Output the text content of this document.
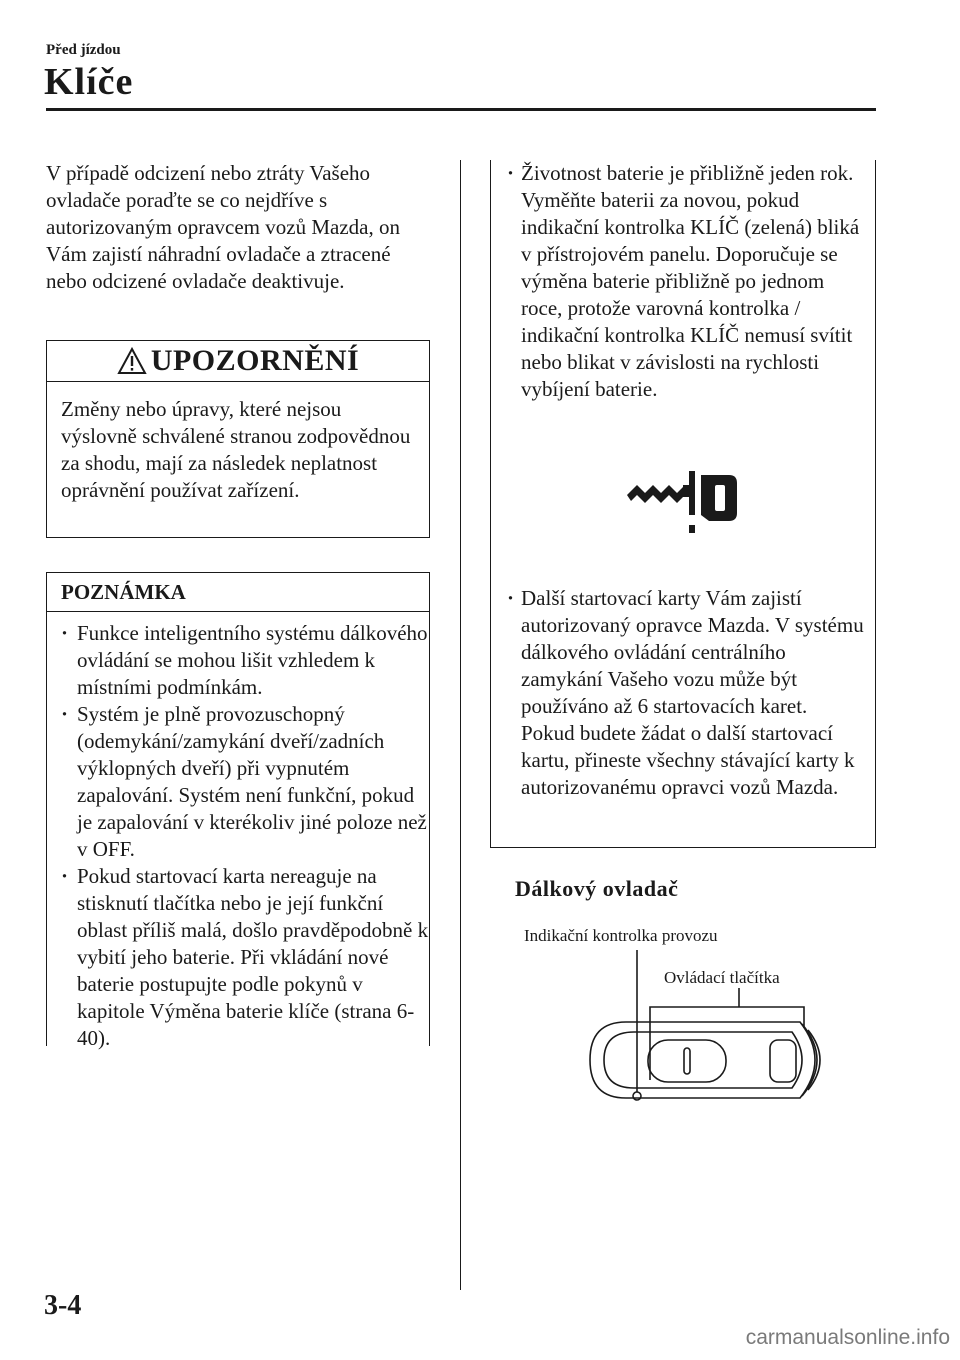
Před jízdou
Klíče

V případě odcizení nebo ztráty Vašeho ovladače poraďte se co nejdříve s autorizovaným opravcem vozů Mazda, on Vám zajistí náhradní ovladače a ztracené nebo odcizené ovladače deaktivuje.

UPOZORNĚNÍ

Změny nebo úpravy, které nejsou výslovně schválené stranou zodpovědnou za shodu, mají za následek neplatnost oprávnění používat zařízení.

POZNÁMKA
· Funkce inteligentního systému dálkového ovládání se mohou lišit vzhledem k místními podmínkám.
· Systém je plně provozuschopný (odemykání/zamykání dveří/zadních výklopných dveří) při vypnutém zapalování. Systém není funkční, pokud je zapalování v kterékoliv jiné poloze než v OFF.
· Pokud startovací karta nereaguje na stisknutí tlačítka nebo je její funkční oblast příliš malá, došlo pravděpodobně k vybití jeho baterie. Při vkládání nové baterie postupujte podle pokynů v kapitole Výměna baterie klíče (strana 6-40).
· Životnost baterie je přibližně jeden rok. Vyměňte baterii za novou, pokud indikační kontrolka KLÍČ (zelená) bliká v přístrojovém panelu. Doporučuje se výměna baterie přibližně po jednom roce, protože varovná kontrolka / indikační kontrolka KLÍČ nemusí svítit nebo blikat v závislosti na rychlosti vybíjení baterie.
· Další startovací karty Vám zajistí autorizovaný opravce Mazda. V systému dálkového ovládání centrálního zamykání Vašeho vozu může být používáno až 6 startovacích karet. Pokud budete žádat o další startovací kartu, přineste všechny stávající karty k autorizovanému opravci vozů Mazda.
Dálkový ovladač
Indikační kontrolka provozu
Ovládací tlačítka
3-4
carmanualsonline.info
